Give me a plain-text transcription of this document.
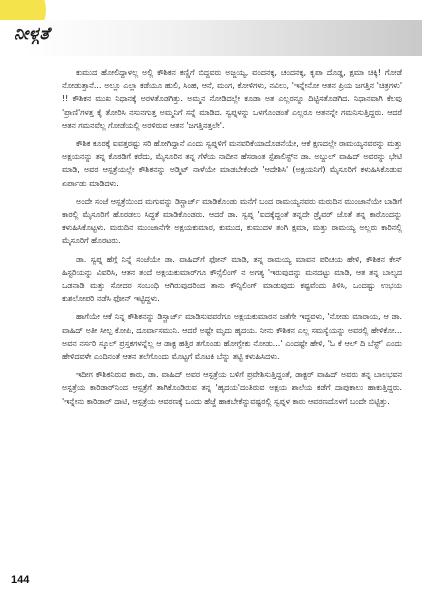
ನೀಳ್ಗತೆ

ಕುಮುದ ಹೋಲಿದ್ದಾಳಲ್ಲ ಅಲ್ಲಿ ಕೌಶಿಕನ ಕಣ್ಣಿಗೆ ಬಿದ್ದವರು ಅಜ್ಜಯ್ಯ, ವಂದನಕ್ಕ, ಚಂದನಕ್ಕ, ಕೃಪಾ ದೊಡ್ಡ, ಕ್ಷಮಾ ಚಿಕ್ಕಿ! ಗೋಡೆ ನೋಡುತ್ತಾನೆ... ಅಲ್ಲೂ ಎಲ್ಲಾ ಕಡೆಯೂ ಹುಲಿ, ಸಿಂಹ, ಆನೆ, ಮಂಗ, ಕೋಳಿಗಳು, ನವಿಲು, 'ಇನ್ನೇನೋ ಆತನ ಪ್ರಿಯ ಜಗತ್ತಿನ 'ಚಿತ್ರಗಳು' !! ಕೌಶಿಕನ ಮುಖ ನಿಧಾನಕ್ಕೆ ಅರಳತೊಡಗಿತ್ತು. ಅಮ್ಮನ ನೋಡಿದಲ್ಲೇ ಕೂಡಾ ಅತ ಎಲ್ಲರನ್ನೂ ದಿಟ್ಟಿಸತೊಡಗಿದ. ನಿಧಾನವಾಗಿ ಕೆಲವು 'ಪ್ರಾಣಿ'ಗಳತ್ತ ಕೈ ತೋರಿಸಿ ನಸುನಗುತ್ತ ಅಮ್ಮನಿಗೆ ಸನ್ನೆ ಮಾಡಿದ. ಸ್ವಪ್ನಳನ್ನು ಒಳಗೊಂಡಂತೆ ಎಲ್ಲರೂ ಆತನನ್ನೇ ಗಮನಿಸುತ್ತಿದ್ದರು. ಆದರೆ ಆತನ ಗಮನವೆಲ್ಲ ಗೋಡೆಯಲ್ಲಿ ಅರಳಿರುವ ಆತನ 'ಜಗತ್ತಿನತ್ತಲೇ'.

ಕೌಶಿಕ ಕೂರಕ್ಕೆ ಐವತ್ತರಷ್ಟು ಸರಿ ಹೋಗಿದ್ದಾನೆ ಎಂದು ಸ್ವಪ್ನಳಿಗೆ ಮನವರಿಕೆಯಾದೊಡನೆಯೇ, ಆಕೆ ಕ್ಷಣದಲ್ಲೇ ರಾಮಯ್ಯನವರನ್ನು ಮತ್ತು ಅಕ್ಷಯನನ್ನು ತನ್ನ ಕೊಠಡಿಗೆ ಕರೆದು, ಮೈಸೂರಿನ ತನ್ನ ಗೆಳೆಯ ನಾದೀನ ಹೆಸರಾಂತ ಸ್ಪೆಶಾಲಿಸ್ಟ್‌ನ ಡಾ. ಅಬ್ದುಲ್ ವಾಹಿದ್ ಅವರನ್ನು ಭೇಟಿ ಮಾಡಿ, ಅವರ ಆಸ್ಪತ್ರೆಯಲ್ಲೇ ಕೌಶಿಕನನ್ನು ಅಡ್ಮಿಟ್ ನಾಳೆಯೇ ಮಾಡಬೇಕೆಂದೇ 'ಆದೇಶಿಸಿ' (ಅಕ್ಷಯನಿಗೆ) ಮೈಸೂರಿಗೆ ಕಳುಹಿಸಿಕೊಡುವ ಏರ್ಪಾಡು ಮಾಡಿದಳು.

ಅಂದೇ ಸಂಜೆ ಆಸ್ಪತ್ರೆಯಿಂದ ಮಗುವನ್ನು ಡಿಸ್ಚಾರ್ಜ್ ಮಾಡಿಕೊಂಡು ಮನೆಗೆ ಬಂದ ರಾಮಯ್ಯನವರು ಮರುದಿನ ಮುಂಜಾನೆಯೇ ಬಾಡಿಗೆ ಕಾರಲ್ಲಿ ಮೈಸೂರಿಗೆ ಹೊರಡಲು ಸಿದ್ಧತೆ ಮಾಡಿಕೊಂಡರು. ಆದರೆ ಡಾ. ಸ್ವಪ್ನ 'ಐದಕ್ಕೆದ್ದಂತೆ ತನ್ನದೇ ಡ್ರೈವರ್ ಜೊತೆ ತನ್ನ ಕಾರೊಂದನ್ನು ಕಳುಹಿಸಿಕೊಟ್ಟಳು. ಮರುದಿನ ಮುಂಜಾನೆಗೇ ಅಕ್ಷಯಕುಮಾರ, ಕುಮುದ, ಕುಮುದಳ ತಂಗಿ ಕ್ಷಮಾ, ಮತ್ತು ರಾಮಯ್ಯ ಅಲ್ಲರು ಕಾರಿನಲ್ಲಿ ಮೈಸೂರಿಗೆ ಹೊರಟರು.

ಡಾ. ಸ್ವಪ್ನ ಹೆಗ್ಗೆ ನಿನ್ನೆ ಸಂಜೆಯೇ ಡಾ. ವಾಹಿದ್‌ಗೆ ಫೋನ್ ಮಾಡಿ, ತನ್ನ ರಾಮಯ್ಯ ಮಾವನ ಪರಿಚಯ ಹೇಳಿ, ಕೌಶಿಕನ ಕೇಸ್ ಹಿಸ್ಟರಿಯನ್ನು ವಿವರಿಸಿ, ಆತನ ತಂದೆ ಅಕ್ಷಯಕುಮಾರ್‌ಗೂ ಕೌನ್ಸೆಲಿಂಗ್ ನ ಅಗತ್ಯ 'ಇರುವುದನ್ನು ಮನದಟ್ಟು ಮಾಡಿ, ಆತ ತನ್ನ ಬಾಲ್ಯದ ಒಡನಾಡಿ ಮತ್ತು ಸೋದರ ಸಂಬಂಧಿ ಆಗಿರುವುದರಿಂದ ತಾನು ಕೌನ್ಸಿಲಿಂಗ್ ಮಾಡುವುದು ಕಷ್ಟವೆಂದು ತಿಳಿಸಿ, ಒಂದಷ್ಟು ಉಭಯ ಕುಶಲೋಪರಿ ನಡೆಸಿ ಫೋನ್ ಇಟ್ಟಿದ್ದಳು.

ಹಾಗೆಯೇ ಆಕೆ ನಿನ್ನ ಕೌಶಿಕನನ್ನು ಡಿಸ್ಚಾರ್ಜ್ ಮಾಡಿಸುವವರೆಗೂ ಅಕ್ಷಯಕುಮಾರನ ಜತೆಗೇ ಇದ್ದವಳು, 'ನೋಡು ಮಾರಾಯ, ಆ ಡಾ. ವಾಹಿದ್ ಅತೀ ಸೀಲ್ಪ ಕೋಪಿ, ದೂರ್ವಾಸಮುನಿ. ಆದರೆ ಅಷ್ಟೇ ಮೃದು ಹೃದಯ. ನೀನು ಕೌಶಿಕನ ಎಲ್ಲ ಸಮಸ್ಯೆಯನ್ನು ಅವರಲ್ಲಿ ಹೇಳಿಕೋ... ಅವನ ನರ್ಸರಿ ಸ್ಕೂಲ್ ಪ್ರಸ್ತಕಗಳನ್ನೆಲ್ಲ ಆ ಡಾಕ್ಟ ಹತ್ತಿರ ತಗೊಂಡು ಹೋಗ್ಬೇಕು ನೋಡು...' ಎಂದಷ್ಟೇ ಹೇಳಿ, 'ಓ ಕೆ ಆಲ್ ದಿ ಬೆಸ್ಟ್' ಎಂದು ಹೇಳಿದವಳೇ ಎಂದಿನಂತೆ ಆತನ ತಲೆಗೊಂದು ಮೊಟ್ಟಗೆ ಮೊಟಕಿ ಬೆನ್ನು ತಟ್ಟಿ ಕಳುಹಿಸಿದಳು.

ಇದೀಗ ಕೌಶಿಕನಿರುವ ಕಾರು, ಡಾ. ವಾಹಿದ್ ಅವರ ಆಸ್ಪತ್ರೆಯ ಬಳಿಗೆ ಪ್ರವೇಶಿಸುತ್ತಿದ್ದಂತೆ, ಡಾಕ್ಟರ್ ವಾಹಿದ್ ಅವರು ತನ್ನ ಬಾಲಭವನ ಅಸ್ಪತ್ರೆಯ ಕಾರಿಡಾರ್‌ನಿಂದ ಆಸ್ಪತ್ರೆಗೆ ತಾಗಿಕೊಂಡಿರುವ ತನ್ನ 'ಹೃದಯ'ದಂತಿರುವ ಅಕ್ಷಯ ಶಾಲೆಯ ಕಡೆಗೆ ದಾಪುಕಾಲು ಹಾಕುತ್ತಿದ್ದರು. 'ಇನ್ನೇನು ಕಾರಿಡಾರ್ ದಾಟಿ, ಆಸ್ಪತ್ರೆಯ ಆವರಣಕ್ಕೆ ಒಂದು ಹೆಜ್ಜೆ ಹಾಕಬೇಕೆನ್ನುವಷ್ಟರಲ್ಲಿ ಸ್ವಪ್ನಳ ಕಾರು ಆವರಣದೊಳಗೆ ಬಂದೇ ಬಿಟ್ಟಿತ್ತು.

144
